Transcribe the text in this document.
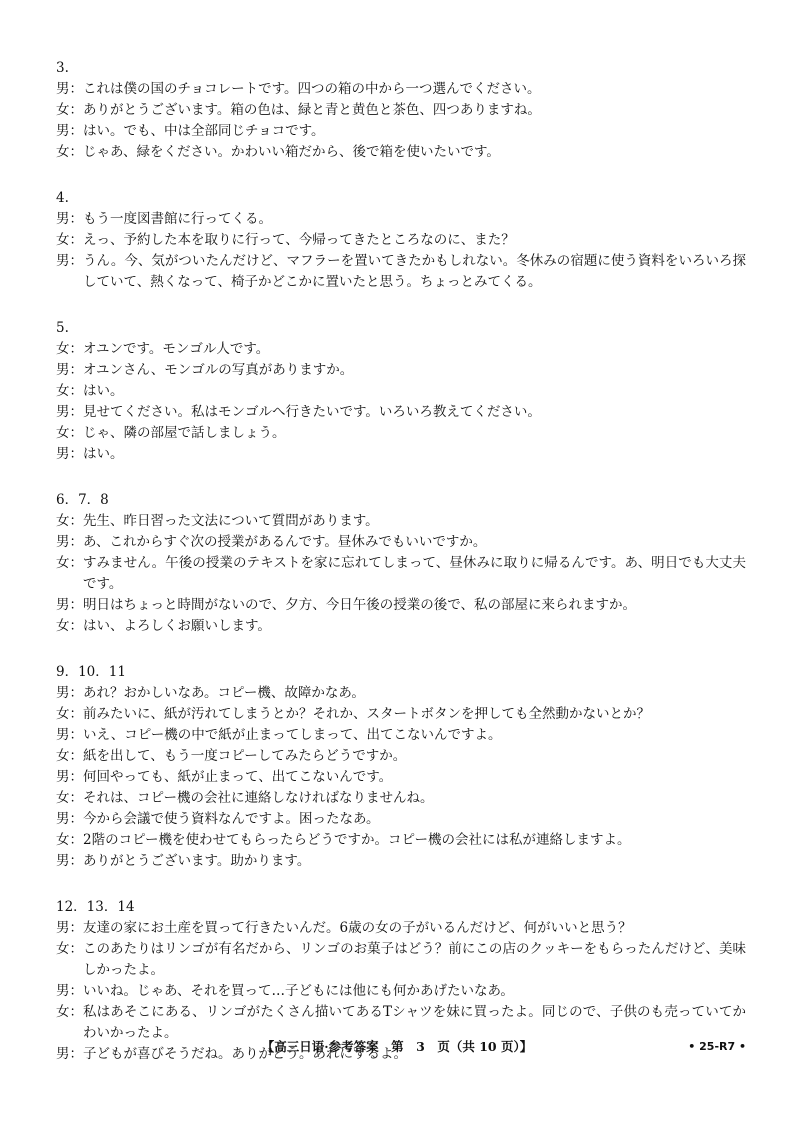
3.
男： これは僕の国のチョコレートです。四つの箱の中から一つ選んでください。
女： ありがとうございます。箱の色は、緑と青と黄色と茶色、四つありますね。
男： はい。でも、中は全部同じチョコです。
女： じゃあ、緑をください。かわいい箱だから、後で箱を使いたいです。
4.
男： もう一度図書館に行ってくる。
女： えっ、予約した本を取りに行って、今帰ってきたところなのに、また？
男： うん。今、気がついたんだけど、マフラーを置いてきたかもしれない。冬休みの宿題に使う資料をいろいろ探していて、熱くなって、椅子かどこかに置いたと思う。ちょっとみてくる。
5.
女： オユンです。モンゴル人です。
男： オユンさん、モンゴルの写真がありますか。
女： はい。
男： 見せてください。私はモンゴルへ行きたいです。いろいろ教えてください。
女： じゃ、隣の部屋で話しましょう。
男： はい。
6．7．8
女： 先生、昨日習った文法について質問があります。
男： あ、これからすぐ次の授業があるんです。昼休みでもいいですか。
女： すみません。午後の授業のテキストを家に忘れてしまって、昼休みに取りに帰るんです。あ、明日でも大丈夫です。
男： 明日はちょっと時間がないので、夕方、今日午後の授業の後で、私の部屋に来られますか。
女： はい、よろしくお願いします。
9．10．11
男： あれ？おかしいなあ。コピー機、故障かなあ。
女： 前みたいに、紙が汚れてしまうとか？それか、スタートボタンを押しても全然動かないとか？
男： いえ、コピー機の中で紙が止まってしまって、出てこないんですよ。
女： 紙を出して、もう一度コピーしてみたらどうですか。
男： 何回やっても、紙が止まって、出てこないんです。
女： それは、コピー機の会社に連絡しなければなりませんね。
男： 今から会議で使う資料なんですよ。困ったなあ。
女： 2階のコピー機を使わせてもらったらどうですか。コピー機の会社には私が連絡しますよ。
男： ありがとうございます。助かります。
12．13．14
男： 友達の家にお土産を買って行きたいんだ。6歳の女の子がいるんだけど、何がいいと思う？
女： このあたりはリンゴが有名だから、リンゴのお菓子はどう？前にこの店のクッキーをもらったんだけど、美味しかったよ。
男： いいね。じゃあ、それを買って…子どもには他にも何かあげたいなあ。
女： 私はあそこにある、リンゴがたくさん描いてあるTシャツを妹に買ったよ。同じので、子供のも売っていてかわいかったよ。
男： 子どもが喜びそうだね。ありがとう。あれにするよ。
【高三日语·参考答案　第　3　页（共 10 页）】	• 25-R7 •
